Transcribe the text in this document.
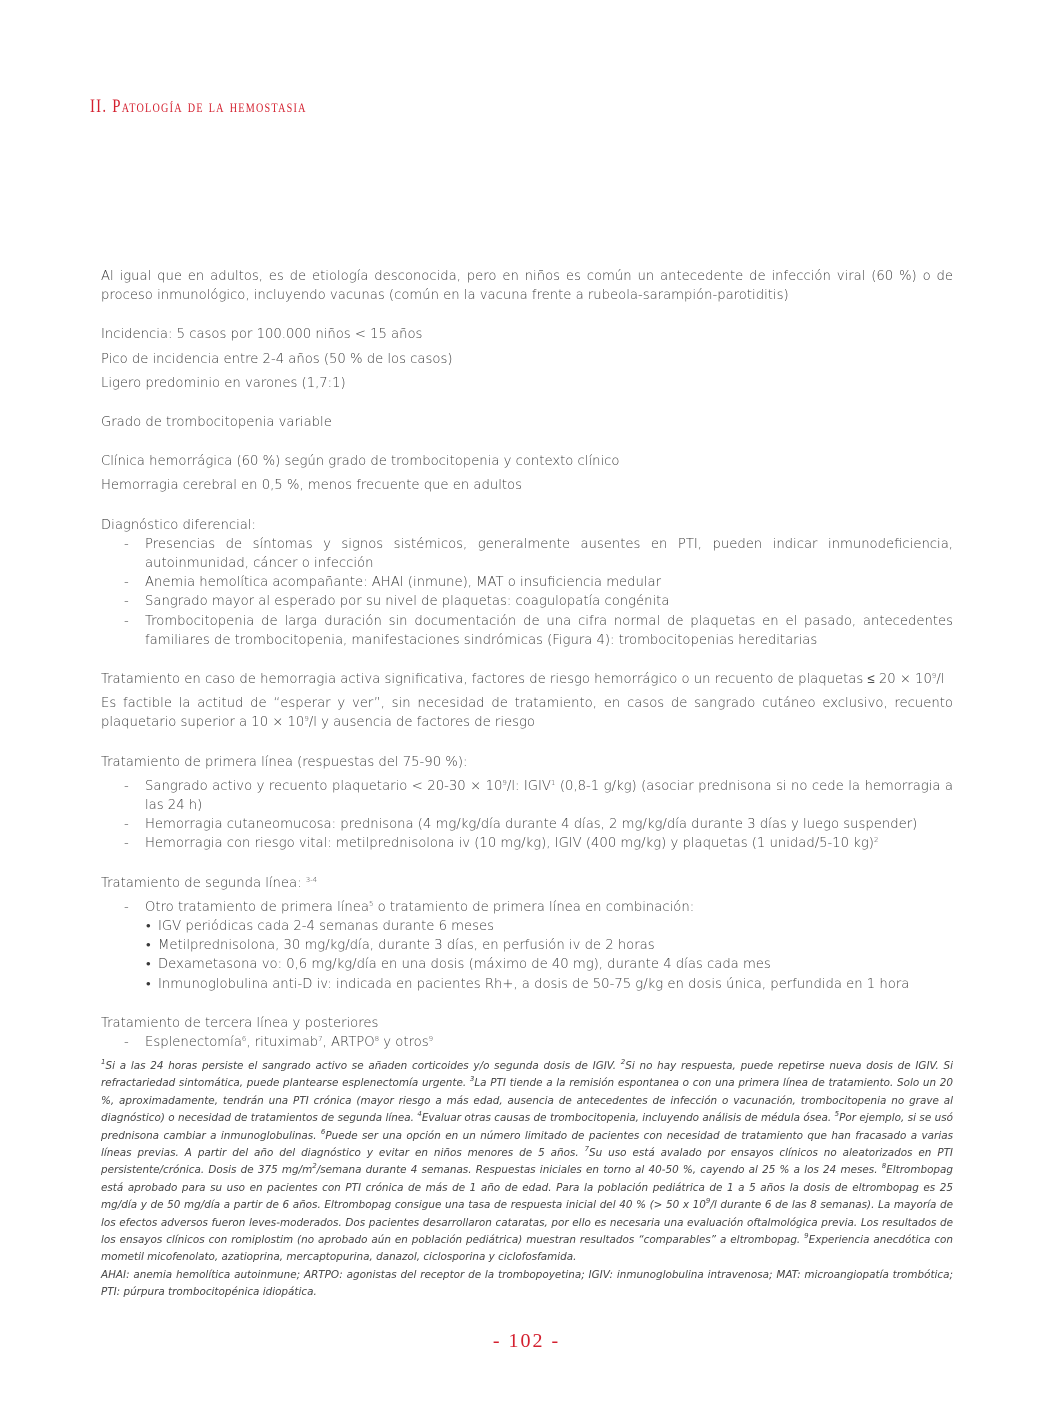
II. Patología de la hemostasia

Al igual que en adultos, es de etiología desconocida, pero en niños es común un antecedente de infección viral (60 %) o de proceso inmunológico, incluyendo vacunas (común en la vacuna frente a rubeola-sarampión-parotiditis)

Incidencia: 5 casos por 100.000 niños < 15 años

Pico de incidencia entre 2-4 años (50 % de los casos)

Ligero predominio en varones (1,7:1)

Grado de trombocitopenia variable

Clínica hemorrágica (60 %) según grado de trombocitopenia y contexto clínico

Hemorragia cerebral en 0,5 %, menos frecuente que en adultos

Diagnóstico diferencial:

- Presencias de síntomas y signos sistémicos, generalmente ausentes en PTI, pueden indicar inmunodeficiencia, autoinmunidad, cáncer o infección
- Anemia hemolítica acompañante: AHAI (inmune), MAT o insuficiencia medular
- Sangrado mayor al esperado por su nivel de plaquetas: coagulopatía congénita
- Trombocitopenia de larga duración sin documentación de una cifra normal de plaquetas en el pasado, antecedentes familiares de trombocitopenia, manifestaciones sindrómicas (Figura 4): trombocitopenias hereditarias

Tratamiento en caso de hemorragia activa significativa, factores de riesgo hemorrágico o un recuento de plaquetas ≤ $20 \times 10^9/l$

Es factible la actitud de “esperar y ver”, sin necesidad de tratamiento, en casos de sangrado cutáneo exclusivo, recuento plaquetario superior a $10 \times 10^9/l$ y ausencia de factores de riesgo

Tratamiento de primera línea (respuestas del 75-90 %):

- Sangrado activo y recuento plaquetario < $20-30 \times 10^9/l$: IGIV$^1$ (0,8-1 g/kg) (asociar prednisona si no cede la hemorragia a las 24 h)
- Hemorragia cutaneomucosa: prednisona (4 mg/kg/día durante 4 días, 2 mg/kg/día durante 3 días y luego suspender)
- Hemorragia con riesgo vital: metilprednisolona iv (10 mg/kg), IGIV (400 mg/kg) y plaquetas (1 unidad/5-10 kg)$^2$

Tratamiento de segunda línea: $^{3-4}$

- Otro tratamiento de primera línea$^5$ o tratamiento de primera línea en combinación:
• IGV periódicas cada 2-4 semanas durante 6 meses
• Metilprednisolona, 30 mg/kg/día, durante 3 días, en perfusión iv de 2 horas
• Dexametasona vo: 0,6 mg/kg/día en una dosis (máximo de 40 mg), durante 4 días cada mes
• Inmunoglobulina anti-D iv: indicada en pacientes Rh+, a dosis de 50-75 g/kg en dosis única, perfundida en 1 hora

Tratamiento de tercera línea y posteriores

- Esplenectomía$^6$, rituximab$^7$, ARTPO$^8$ y otros$^9$

$^1$Si a las 24 horas persiste el sangrado activo se añaden corticoides y/o segunda dosis de IGIV. $^2$Si no hay respuesta, puede repetirse nueva dosis de IGIV. Si refractariedad sintomática, puede plantearse esplenectomía urgente. $^3$La PTI tiende a la remisión espontanea o con una primera línea de tratamiento. Solo un 20 %, aproximadamente, tendrán una PTI crónica (mayor riesgo a más edad, ausencia de antecedentes de infección o vacunación, trombocitopenia no grave al diagnóstico) o necesidad de tratamientos de segunda línea. $^4$Evaluar otras causas de trombocitopenia, incluyendo análisis de médula ósea. $^5$Por ejemplo, si se usó prednisona cambiar a inmunoglobulinas. $^6$Puede ser una opción en un número limitado de pacientes con necesidad de tratamiento que han fracasado a varias líneas previas. A partir del año del diagnóstico y evitar en niños menores de 5 años. $^7$Su uso está avalado por ensayos clínicos no aleatorizados en PTI persistente/crónica. Dosis de 375 $mg/m^2$/semana durante 4 semanas. Respuestas iniciales en torno al 40-50 %, cayendo al 25 % a los 24 meses. $^8$Eltrombopag está aprobado para su uso en pacientes con PTI crónica de más de 1 año de edad. Para la población pediátrica de 1 a 5 años la dosis de eltrombopag es 25 mg/día y de 50 mg/día a partir de 6 años. Eltrombopag consigue una tasa de respuesta inicial del 40 % (> 50 x $10^9/l$ durante 6 de las 8 semanas). La mayoría de los efectos adversos fueron leves-moderados. Dos pacientes desarrollaron cataratas, por ello es necesaria una evaluación oftalmológica previa. Los resultados de los ensayos clínicos con romiplostim (no aprobado aún en población pediátrica) muestran resultados “comparables” a eltrombopag. $^9$Experiencia anecdótica con mometil micofenolato, azatioprina, mercaptopurina, danazol, ciclosporina y ciclofosfamida.

AHAI: anemia hemolítica autoinmune; ARTPO: agonistas del receptor de la trombopoyetina; IGIV: inmunoglobulina intravenosa; MAT: microangiopatía trombótica; PTI: púrpura trombocitopénica idiopática.

- 102 -
